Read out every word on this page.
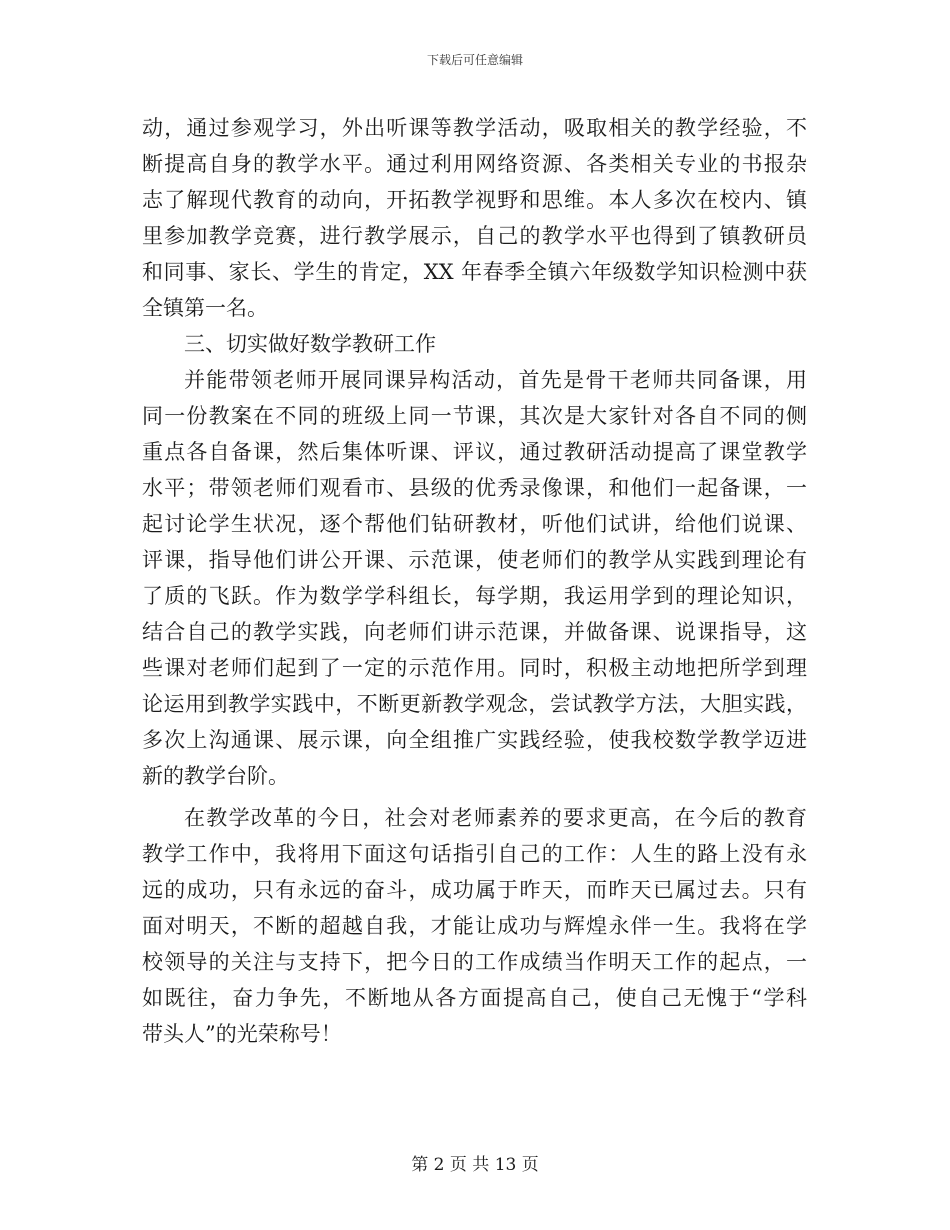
下载后可任意编辑
动，通过参观学习，外出听课等教学活动，吸取相关的教学经验，不
断提高自身的教学水平。通过利用网络资源、各类相关专业的书报杂
志了解现代教育的动向，开拓教学视野和思维。本人多次在校内、镇
里参加教学竞赛，进行教学展示，自己的教学水平也得到了镇教研员
和同事、家长、学生的肯定，XX 年春季全镇六年级数学知识检测中获
全镇第一名。
三、切实做好数学教研工作
并能带领老师开展同课异构活动，首先是骨干老师共同备课，用
同一份教案在不同的班级上同一节课，其次是大家针对各自不同的侧
重点各自备课，然后集体听课、评议，通过教研活动提高了课堂教学
水平；带领老师们观看市、县级的优秀录像课，和他们一起备课，一
起讨论学生状况，逐个帮他们钻研教材，听他们试讲，给他们说课、
评课，指导他们讲公开课、示范课，使老师们的教学从实践到理论有
了质的飞跃。作为数学学科组长，每学期，我运用学到的理论知识，
结合自己的教学实践，向老师们讲示范课，并做备课、说课指导，这
些课对老师们起到了一定的示范作用。同时，积极主动地把所学到理
论运用到教学实践中，不断更新教学观念，尝试教学方法，大胆实践，
多次上沟通课、展示课，向全组推广实践经验，使我校数学教学迈进
新的教学台阶。
在教学改革的今日，社会对老师素养的要求更高，在今后的教育
教学工作中，我将用下面这句话指引自己的工作：人生的路上没有永
远的成功，只有永远的奋斗，成功属于昨天，而昨天已属过去。只有
面对明天，不断的超越自我，才能让成功与辉煌永伴一生。我将在学
校领导的关注与支持下，把今日的工作成绩当作明天工作的起点，一
如既往，奋力争先，不断地从各方面提高自己，使自己无愧于“学科
带头人”的光荣称号！
第 2 页 共 13 页
